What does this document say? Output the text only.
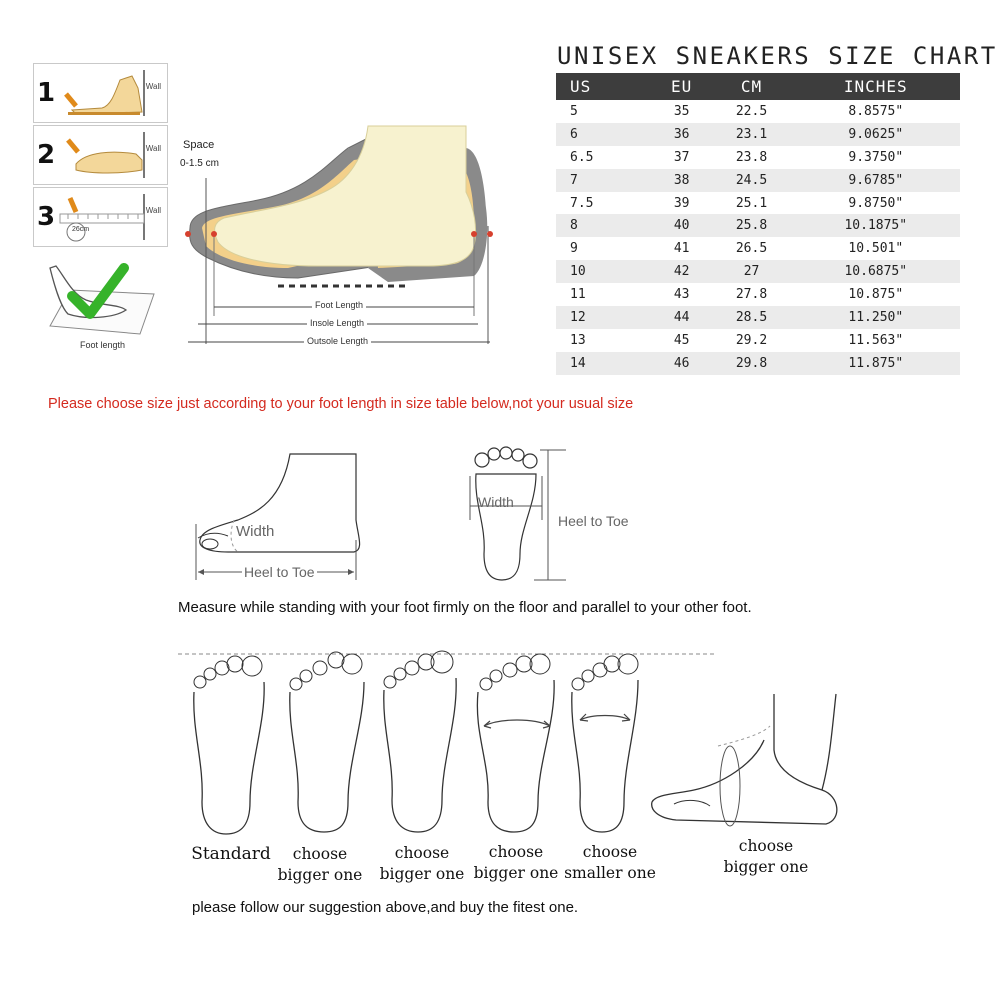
1	Wall
2	Wall
3 26cm
Wall
Foot length
Space
0-1.5 cm
Foot Length
Insole Length
Outsole Length
UNISEX SNEAKERS SIZE CHART
US	EU	CM	INCHES
5	35	22.5	8.8575"
6	36	23.1	9.0625"
6.5	37	23.8	9.3750"
7	38	24.5	9.6785"
7.5	39	25.1	9.8750"
8	40	25.8	10.1875"
9	41	26.5	10.501"
10	42	27	10.6875"
11	43	27.8	10.875"
12	44	28.5	11.250"
13	45	29.2	11.563"
14	46	29.8	11.875"
Please choose size just according to your foot length in size table below,not your usual size
Width
Heel to Toe
Width
Heel to Toe
Measure while standing with your foot firmly on the floor and parallel to your other foot.
Standard	choose
bigger one
choose
bigger one
choose
bigger one
choose
smaller one
choose
bigger one
please follow our suggestion above,and buy the fitest one.
